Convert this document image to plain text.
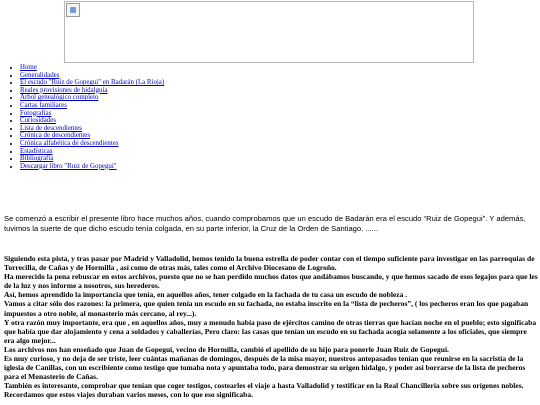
• Home
• Generalidades
• El escudo "Ruiz de Gopegui" en Badarán (La Rioja)
• Reales provisiones de hidalguía
• Árbol genealógico completo
• Cartas familiares
• Fotografías
• Curiosidades
• Lista de descendientes
• Crónica de descendientes
• Crónica alfabética de descendientes
• Estadísticas
• Bibliografía
• Descargar libro "Ruiz de Gopegui"

Se comenzó a escribir el presente libro hace muchos años, cuando comprobamos que un escudo de Badarán era el escudo “Ruiz de Gopegui”. Y además, tuvimos la suerte de que dicho escudo tenía colgada, en su parte inferior, la Cruz de la Orden de Santiago. ......

Siguiendo esta pista, y tras pasar por Madrid y Valladolid, hemos tenido la buena estrella de poder contar con el tiempo suficiente para investigar en las parroquias de Torrecilla, de Cañas y de Hormilla , así como de otras más, tales como el Archivo Diocesano de Logroño.
Ha merecido la pena rebuscar en estos archivos, puesto que no se han perdido muchos datos que andábamos buscando, y que hemos sacado de esos legajos para que les de la luz y nos informe a nosotros, sus herederos.
Así, hemos aprendido la importancia que tenía, en aquellos años, tener colgado en la fachada de tu casa un escudo de nobleza .
Vamos a citar sólo dos razones: la primera, que quien tenía un escudo en su fachada, no estaba inscrito en la “lista de pecheros”, ( los pecheros eran los que pagaban impuestos a otro noble, al monasterio más cercano, al rey...).
Y otra razón muy importante, era que , en aquellos años, muy a menudo había paso de ejércitos camino de otras tierras que hacían noche en el pueblo; esto significaba que había que dar alojamiento y cena a soldados y caballerías, Pero claro: las casas que tenían un escudo en su fachada acogía solamente a los oficiales, que siempre era algo mejor...
Los archivos nos han enseñado que Juan de Gopegui, vecino de Hormilla, cambió el apellido de su hijo para ponerle Juan Ruiz de Gopegui.
Es muy curioso, y no deja de ser triste, leer cuántas mañanas de domingos, después de la misa mayor, nuestros antepasados tenían que reunirse en la sacristía de la iglesia de Canillas, con un escribiente como testigo que tomaba nota y apuntaba todo, para demostrar su origen hidalgo, y poder así borrarse de la lista de pecheros para el Monasterio de Cañas.
También es interesante, comprobar que tenían que coger testigos, costearles el viaje a hasta Valladolid y testificar en la Real Chancillería sobre sus orígenes nobles. Recordamos que estos viajes duraban varios meses, con lo que eso significaba.
